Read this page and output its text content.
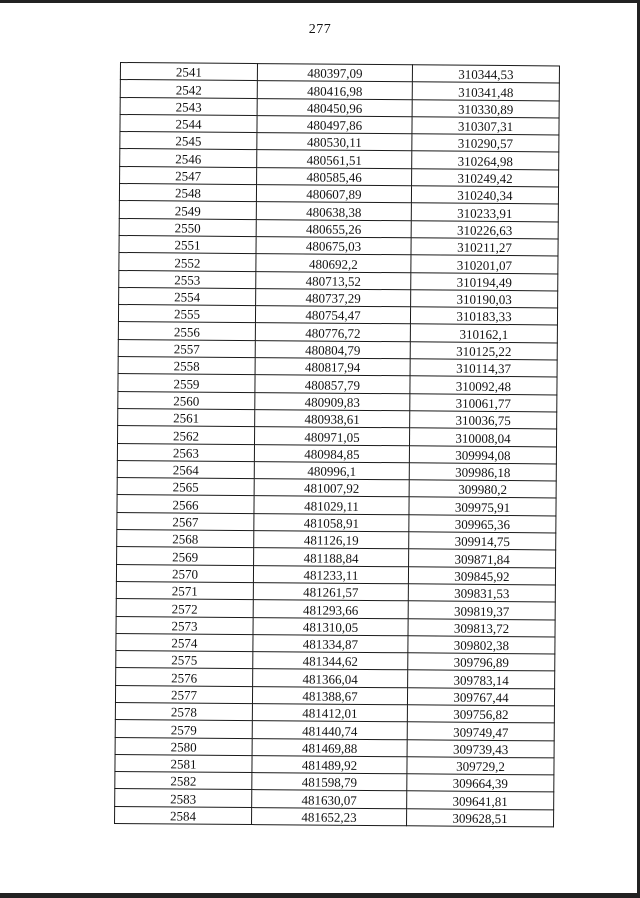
277
2541	480397,09	310344,53
2542	480416,98	310341,48
2543	480450,96	310330,89
2544	480497,86	310307,31
2545	480530,11	310290,57
2546	480561,51	310264,98
2547	480585,46	310249,42
2548	480607,89	310240,34
2549	480638,38	310233,91
2550	480655,26	310226,63
2551	480675,03	310211,27
2552	480692,2	310201,07
2553	480713,52	310194,49
2554	480737,29	310190,03
2555	480754,47	310183,33
2556	480776,72	310162,1
2557	480804,79	310125,22
2558	480817,94	310114,37
2559	480857,79	310092,48
2560	480909,83	310061,77
2561	480938,61	310036,75
2562	480971,05	310008,04
2563	480984,85	309994,08
2564	480996,1	309986,18
2565	481007,92	309980,2
2566	481029,11	309975,91
2567	481058,91	309965,36
2568	481126,19	309914,75
2569	481188,84	309871,84
2570	481233,11	309845,92
2571	481261,57	309831,53
2572	481293,66	309819,37
2573	481310,05	309813,72
2574	481334,87	309802,38
2575	481344,62	309796,89
2576	481366,04	309783,14
2577	481388,67	309767,44
2578	481412,01	309756,82
2579	481440,74	309749,47
2580	481469,88	309739,43
2581	481489,92	309729,2
2582	481598,79	309664,39
2583	481630,07	309641,81
2584	481652,23	309628,51
